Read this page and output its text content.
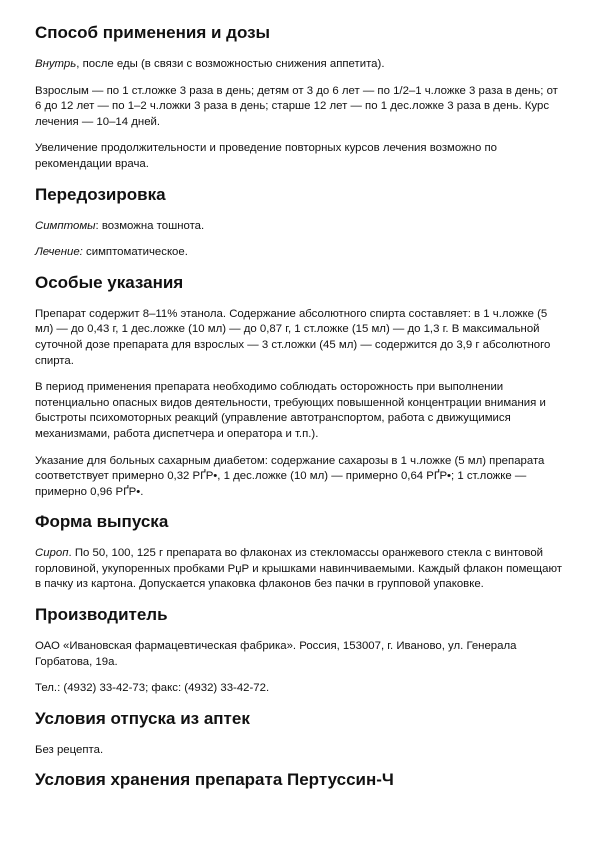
Способ применения и дозы

Внутрь, после еды (в связи с возможностью снижения аппетита).

Взрослым — по 1 ст.ложке 3 раза в день; детям от 3 до 6 лет — по 1/2–1 ч.ложке 3 раза в день; от 6 до 12 лет — по 1–2 ч.ложки 3 раза в день; старше 12 лет — по 1 дес.ложке 3 раза в день. Курс лечения — 10–14 дней.

Увеличение продолжительности и проведение повторных курсов лечения возможно по рекомендации врача.

Передозировка

Симптомы: возможна тошнота.

Лечение: симптоматическое.

Особые указания

Препарат содержит 8–11% этанола. Содержание абсолютного спирта составляет: в 1 ч.ложке (5 мл) — до 0,43 г, 1 дес.ложке (10 мл) — до 0,87 г, 1 ст.ложке (15 мл) — до 1,3 г. В максимальной суточной дозе препарата для взрослых — 3 ст.ложки (45 мл) — содержится до 3,9 г абсолютного спирта.

В период применения препарата необходимо соблюдать осторожность при выполнении потенциально опасных видов деятельности, требующих повышенной концентрации внимания и быстроты психомоторных реакций (управление автотранспортом, работа с движущимися механизмами, работа диспетчера и оператора и т.п.).

Указание для больных сахарным диабетом: содержание сахарозы в 1 ч.ложке (5 мл) препарата соответствует примерно 0,32 РҐР•, 1 дес.ложке (10 мл) — примерно 0,64 РҐР•; 1 ст.ложке — примерно 0,96 РҐР•.

Форма выпуска

Сироп. По 50, 100, 125 г препарата во флаконах из стекломассы оранжевого стекла с винтовой горловиной, укупоренных пробками РџР и крышками навинчиваемыми. Каждый флакон помещают в пачку из картона. Допускается упаковка флаконов без пачки в групповой упаковке.

Производитель

ОАО «Ивановская фармацевтическая фабрика». Россия, 153007, г. Иваново, ул. Генерала Горбатова, 19а.

Тел.: (4932) 33-42-73; факс: (4932) 33-42-72.

Условия отпуска из аптек

Без рецепта.

Условия хранения препарата Пертуссин-Ч
